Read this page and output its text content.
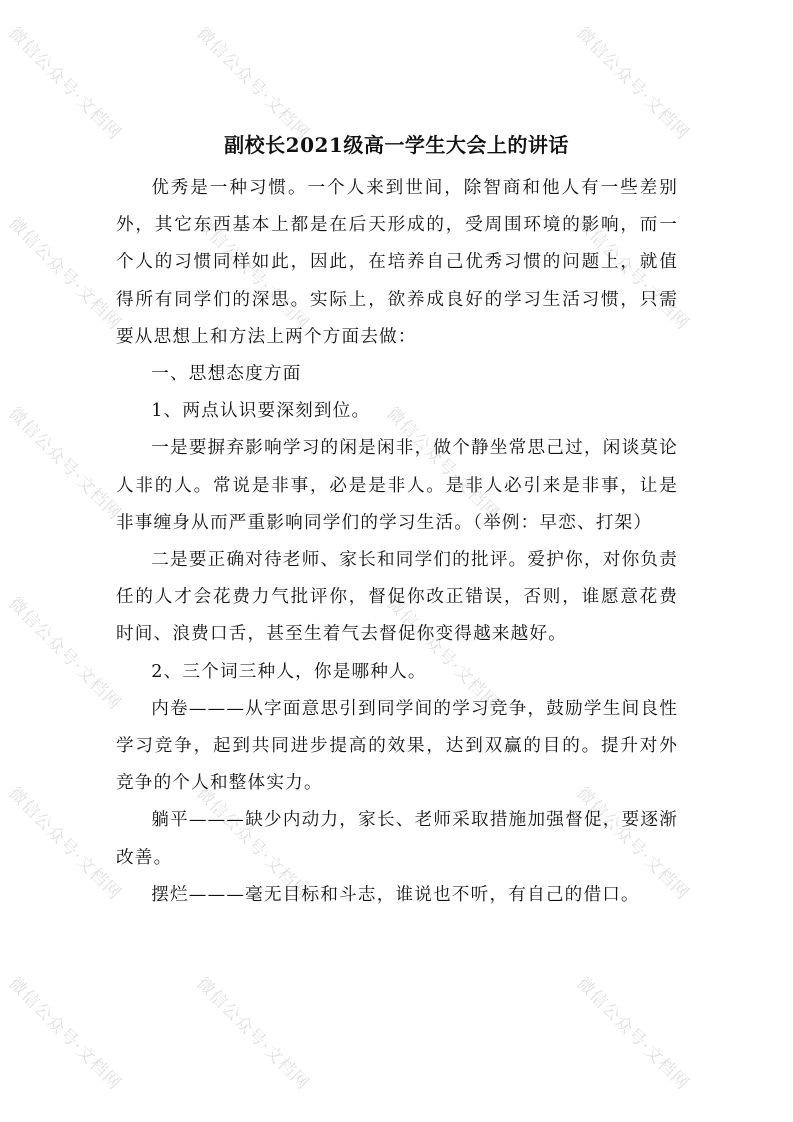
微信公众号·文档网	微信公众号·文档网	微信公众号·文档网
微信公众号·文档网	微信公众号·文档网	微信公众号·文档网
微信公众号·文档网	微信公众号·文档网
微信公众号·文档网	微信公众号·文档网
微信公众号·文档网	微信公众号·文档网	微信公众号·文档网
微信公众号·文档网	微信公众号·文档网	微信公众号·文档网
副校长2021级高一学生大会上的讲话

优秀是一种习惯。一个人来到世间，除智商和他人有一些差别外，其它东西基本上都是在后天形成的，受周围环境的影响，而一个人的习惯同样如此，因此，在培养自己优秀习惯的问题上，就值得所有同学们的深思。实际上，欲养成良好的学习生活习惯，只需要从思想上和方法上两个方面去做：

一、思想态度方面

1、两点认识要深刻到位。

一是要摒弃影响学习的闲是闲非，做个静坐常思己过，闲谈莫论人非的人。常说是非事，必是是非人。是非人必引来是非事，让是非事缠身从而严重影响同学们的学习生活。（举例：早恋、打架）

二是要正确对待老师、家长和同学们的批评。爱护你，对你负责任的人才会花费力气批评你，督促你改正错误，否则，谁愿意花费时间、浪费口舌，甚至生着气去督促你变得越来越好。

2、三个词三种人，你是哪种人。

内卷———从字面意思引到同学间的学习竞争，鼓励学生间良性学习竞争，起到共同进步提高的效果，达到双赢的目的。提升对外竞争的个人和整体实力。

躺平———缺少内动力，家长、老师采取措施加强督促，要逐渐改善。

摆烂———毫无目标和斗志，谁说也不听，有自己的借口。
